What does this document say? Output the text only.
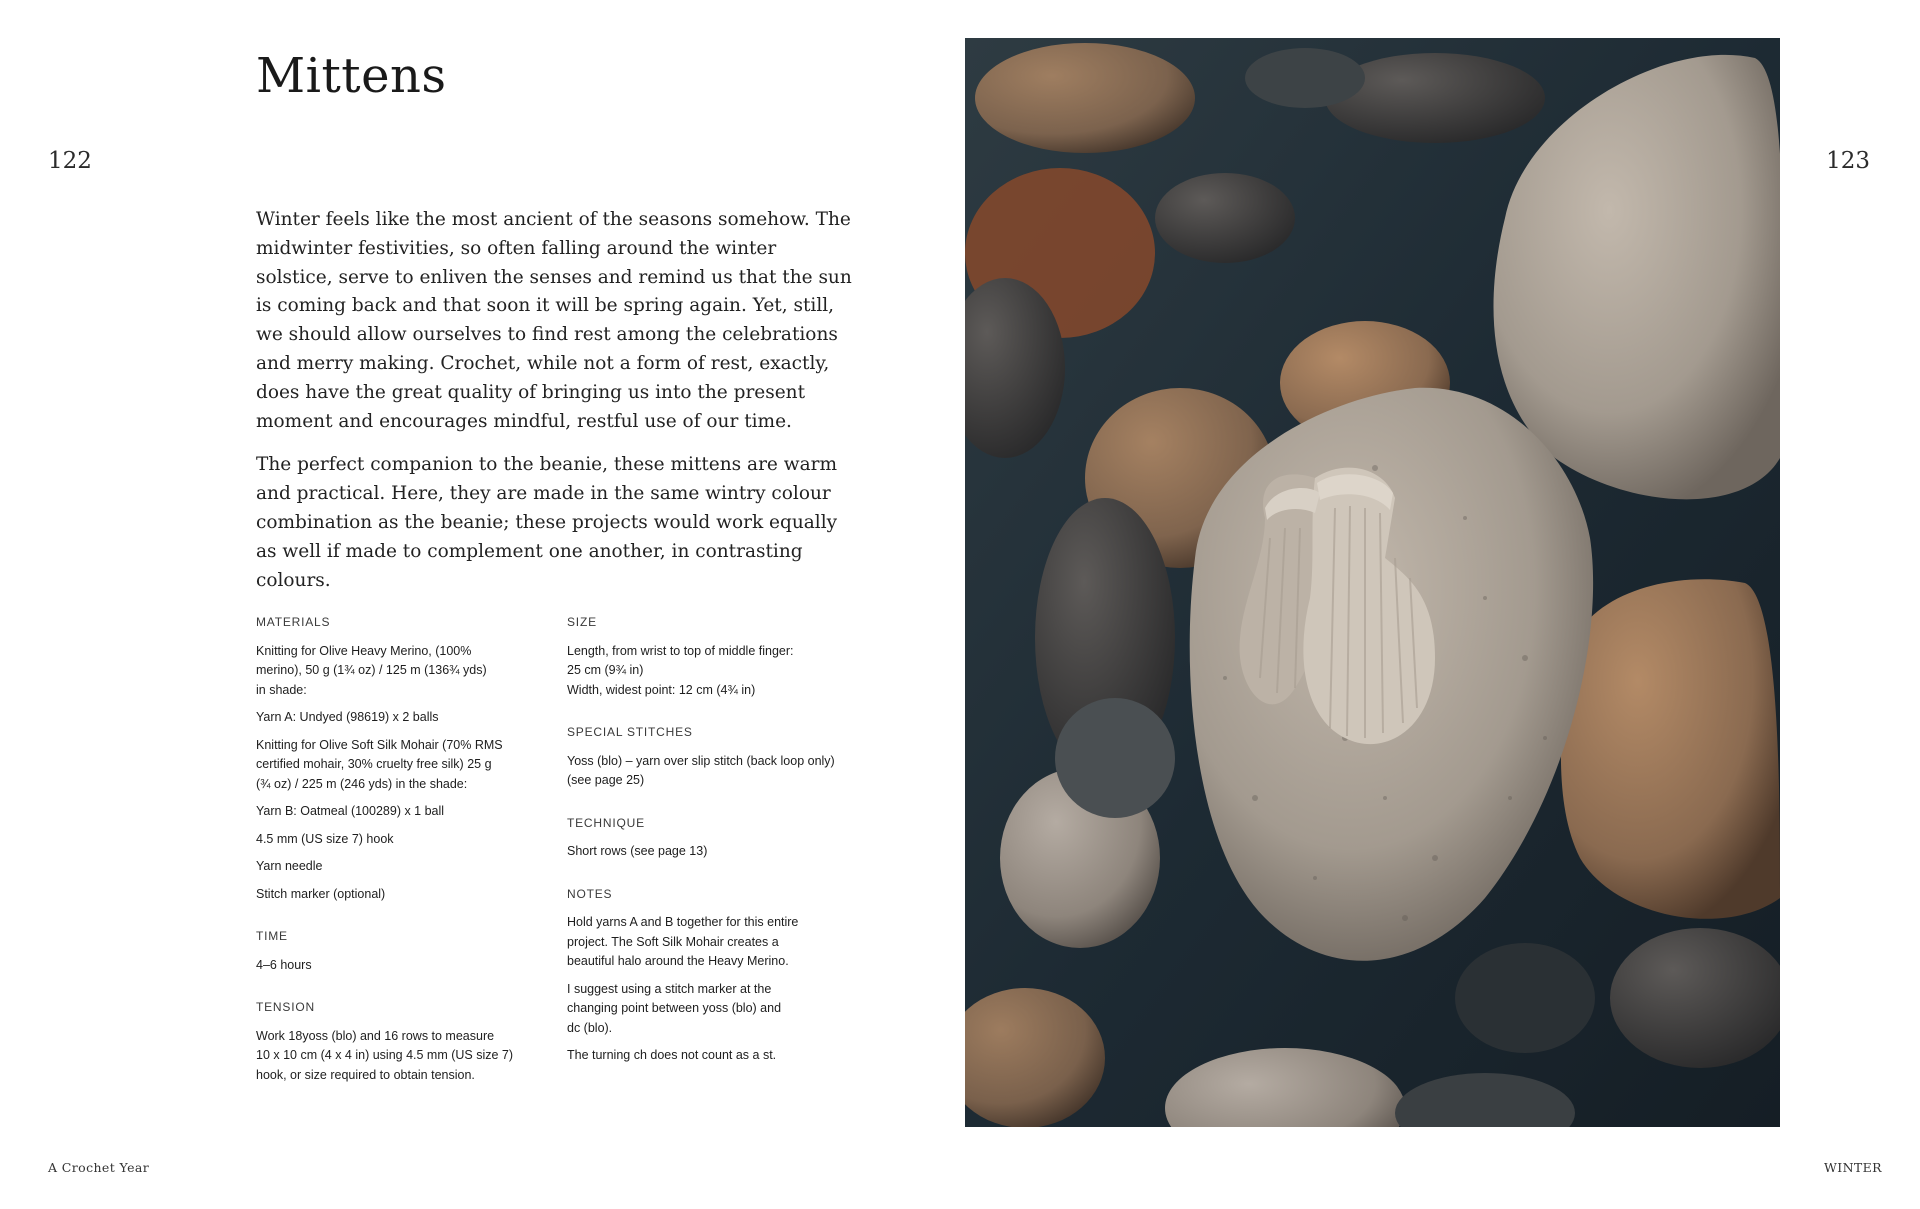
122	123
Mittens

Winter feels like the most ancient of the seasons somehow. The midwinter festivities, so often falling around the winter solstice, serve to enliven the senses and remind us that the sun is coming back and that soon it will be spring again. Yet, still, we should allow ourselves to find rest among the celebrations and merry making. Crochet, while not a form of rest, exactly, does have the great quality of bringing us into the present moment and encourages mindful, restful use of our time.

The perfect companion to the beanie, these mittens are warm and practical. Here, they are made in the same wintry colour combination as the beanie; these projects would work equally as well if made to complement one another, in contrasting colours.

MATERIALS
Knitting for Olive Heavy Merino, (100%
merino), 50 g (1¾ oz) / 125 m (136¾ yds)
in shade:
Yarn A: Undyed (98619) x 2 balls
Knitting for Olive Soft Silk Mohair (70% RMS
certified mohair, 30% cruelty free silk) 25 g
(¾ oz) / 225 m (246 yds) in the shade:
Yarn B: Oatmeal (100289) x 1 ball
4.5 mm (US size 7) hook
Yarn needle
Stitch marker (optional)
TIME
4–6 hours
TENSION
Work 18yoss (blo) and 16 rows to measure
10 x 10 cm (4 x 4 in) using 4.5 mm (US size 7)
hook, or size required to obtain tension.
SIZE
Length, from wrist to top of middle finger:
25 cm (9¾ in)
Width, widest point: 12 cm (4¾ in)
SPECIAL STITCHES
Yoss (blo) – yarn over slip stitch (back loop only)
(see page 25)
TECHNIQUE
Short rows (see page 13)
NOTES
Hold yarns A and B together for this entire
project. The Soft Silk Mohair creates a
beautiful halo around the Heavy Merino.
I suggest using a stitch marker at the
changing point between yoss (blo) and
dc (blo).
The turning ch does not count as a st.
A Crochet Year	WINTER
